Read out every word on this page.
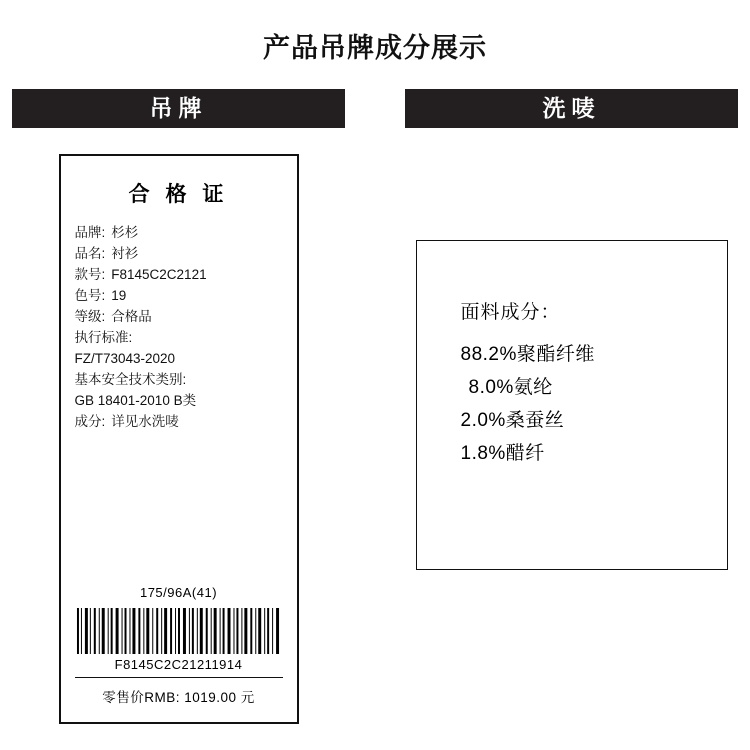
产品吊牌成分展示
吊牌
合 格 证
品牌: 杉杉
品名: 衬衫
款号: F8145C2C2121
色号: 19
等级: 合格品
执行标准:
FZ/T73043-2020
基本安全技术类别:
GB 18401-2010 B类
成分: 详见水洗唛
175/96A(41)
F8145C2C21211914
零售价RMB: 1019.00 元
洗唛
面料成分：
88.2%聚酯纤维
8.0%氨纶
2.0%桑蚕丝
1.8%醋纤
